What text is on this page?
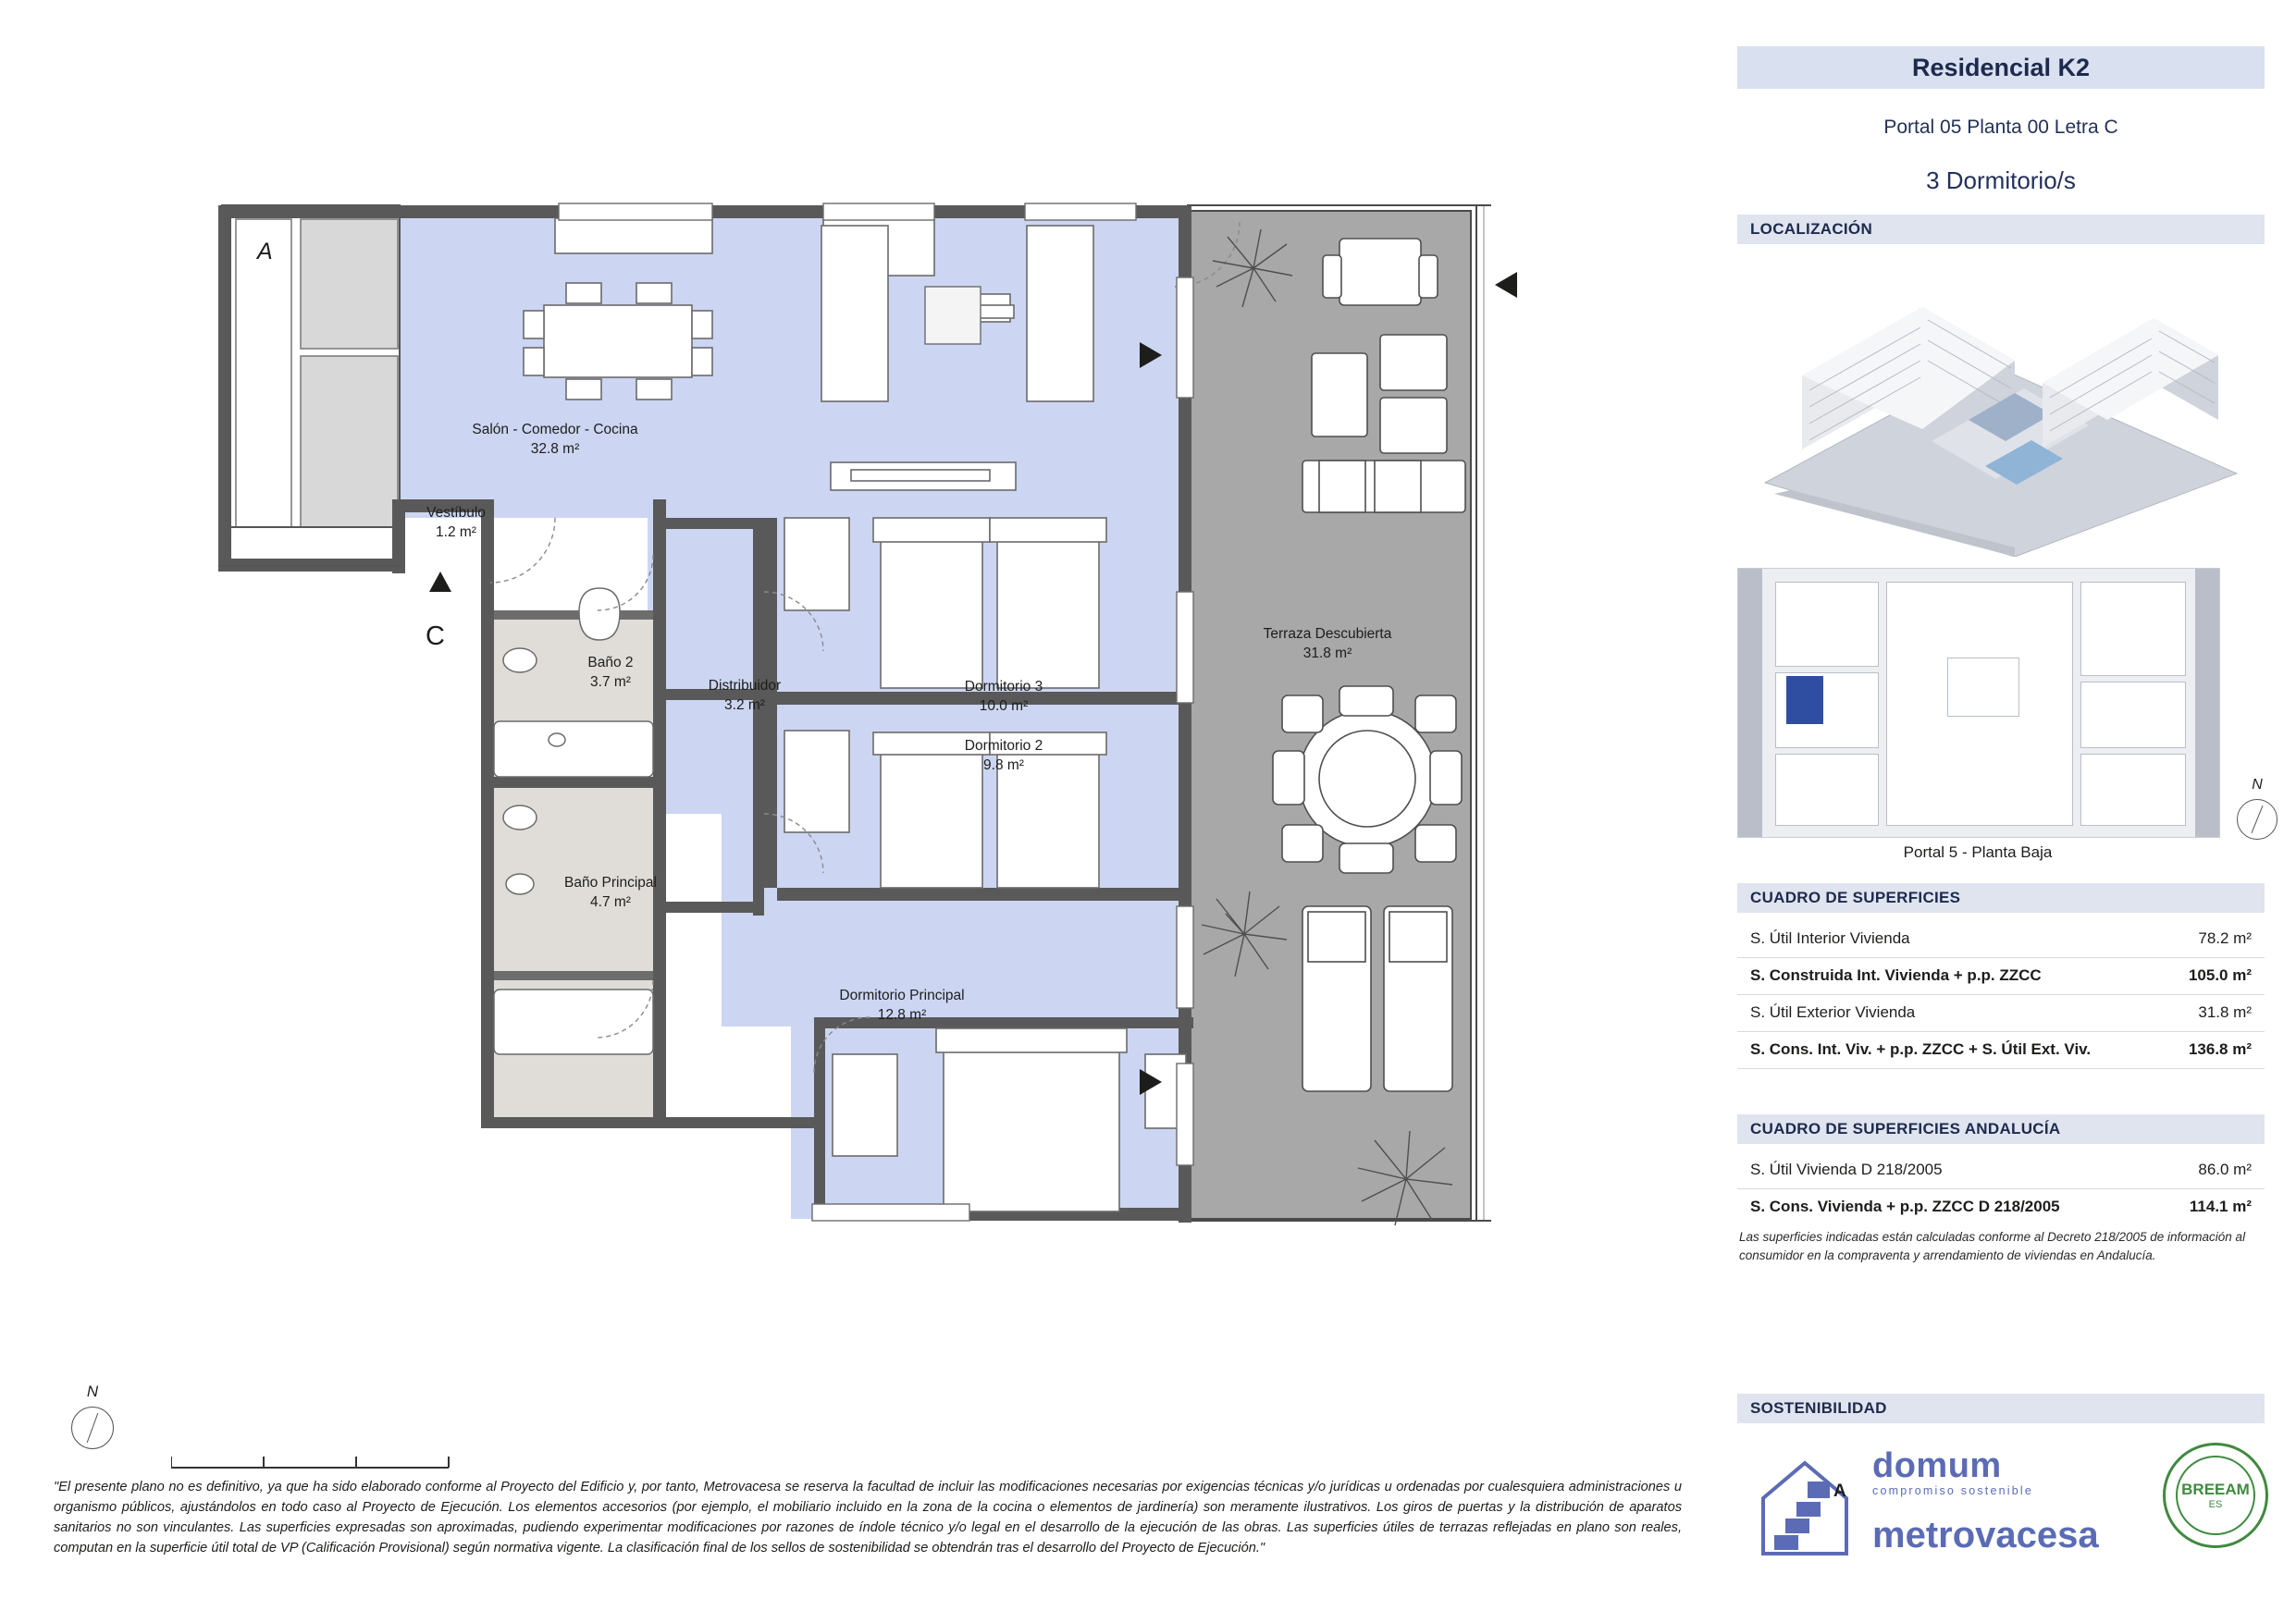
Salón - Comedor - Cocina
32.8 m²
Vestíbulo
1.2 m²
Baño 2
3.7 m²	Distribuidor
3.2 m²
Dormitorio 3
10.0 m²
Dormitorio 2
9.8 m²
Baño Principal
4.7 m²
Dormitorio Principal
12.8 m²
Terraza Descubierta
31.8 m²
A
C
N
"El presente plano no es definitivo, ya que ha sido elaborado conforme al Proyecto del Edificio y, por tanto, Metrovacesa se reserva la facultad de incluir las modificaciones necesarias por exigencias técnicas y/o jurídicas u ordenadas por cualesquiera administraciones u organismo públicos, ajustándolos en todo caso al Proyecto de Ejecución. Los elementos accesorios (por ejemplo, el mobiliario incluido en la zona de la cocina o elementos de jardinería) son meramente ilustrativos. Los giros de puertas y la distribución de aparatos sanitarios no son vinculantes. Las superficies expresadas son aproximadas, pudiendo experimentar modificaciones por razones de índole técnico y/o legal en el desarrollo de la ejecución de las obras. Las superficies útiles de terrazas reflejadas en plano son reales, computan en la superficie útil total de VP (Calificación Provisional) según normativa vigente. La clasificación final de los sellos de sostenibilidad se obtendrán tras el desarrollo del Proyecto de Ejecución."
Residencial K2
Portal 05 Planta 00 Letra C
3 Dormitorio/s
LOCALIZACIÓN
Portal 5 - Planta Baja
N
CUADRO DE SUPERFICIES
S. Útil Interior Vivienda	78.2 m²
S. Construida Int. Vivienda + p.p. ZZCC	105.0 m²
S. Útil Exterior Vivienda	31.8 m²
S. Cons. Int. Viv. + p.p. ZZCC + S. Útil Ext. Viv.	136.8 m²
CUADRO DE SUPERFICIES ANDALUCÍA
S. Útil Vivienda D 218/2005	86.0 m²
S. Cons. Vivienda + p.p. ZZCC D 218/2005	114.1 m²
Las superficies indicadas están calculadas conforme al Decreto 218/2005 de información al consumidor en la compraventa y arrendamiento de viviendas en Andalucía.
SOSTENIBILIDAD
A
domum
compromiso sostenible
metrovacesa
BREEAM
ES
